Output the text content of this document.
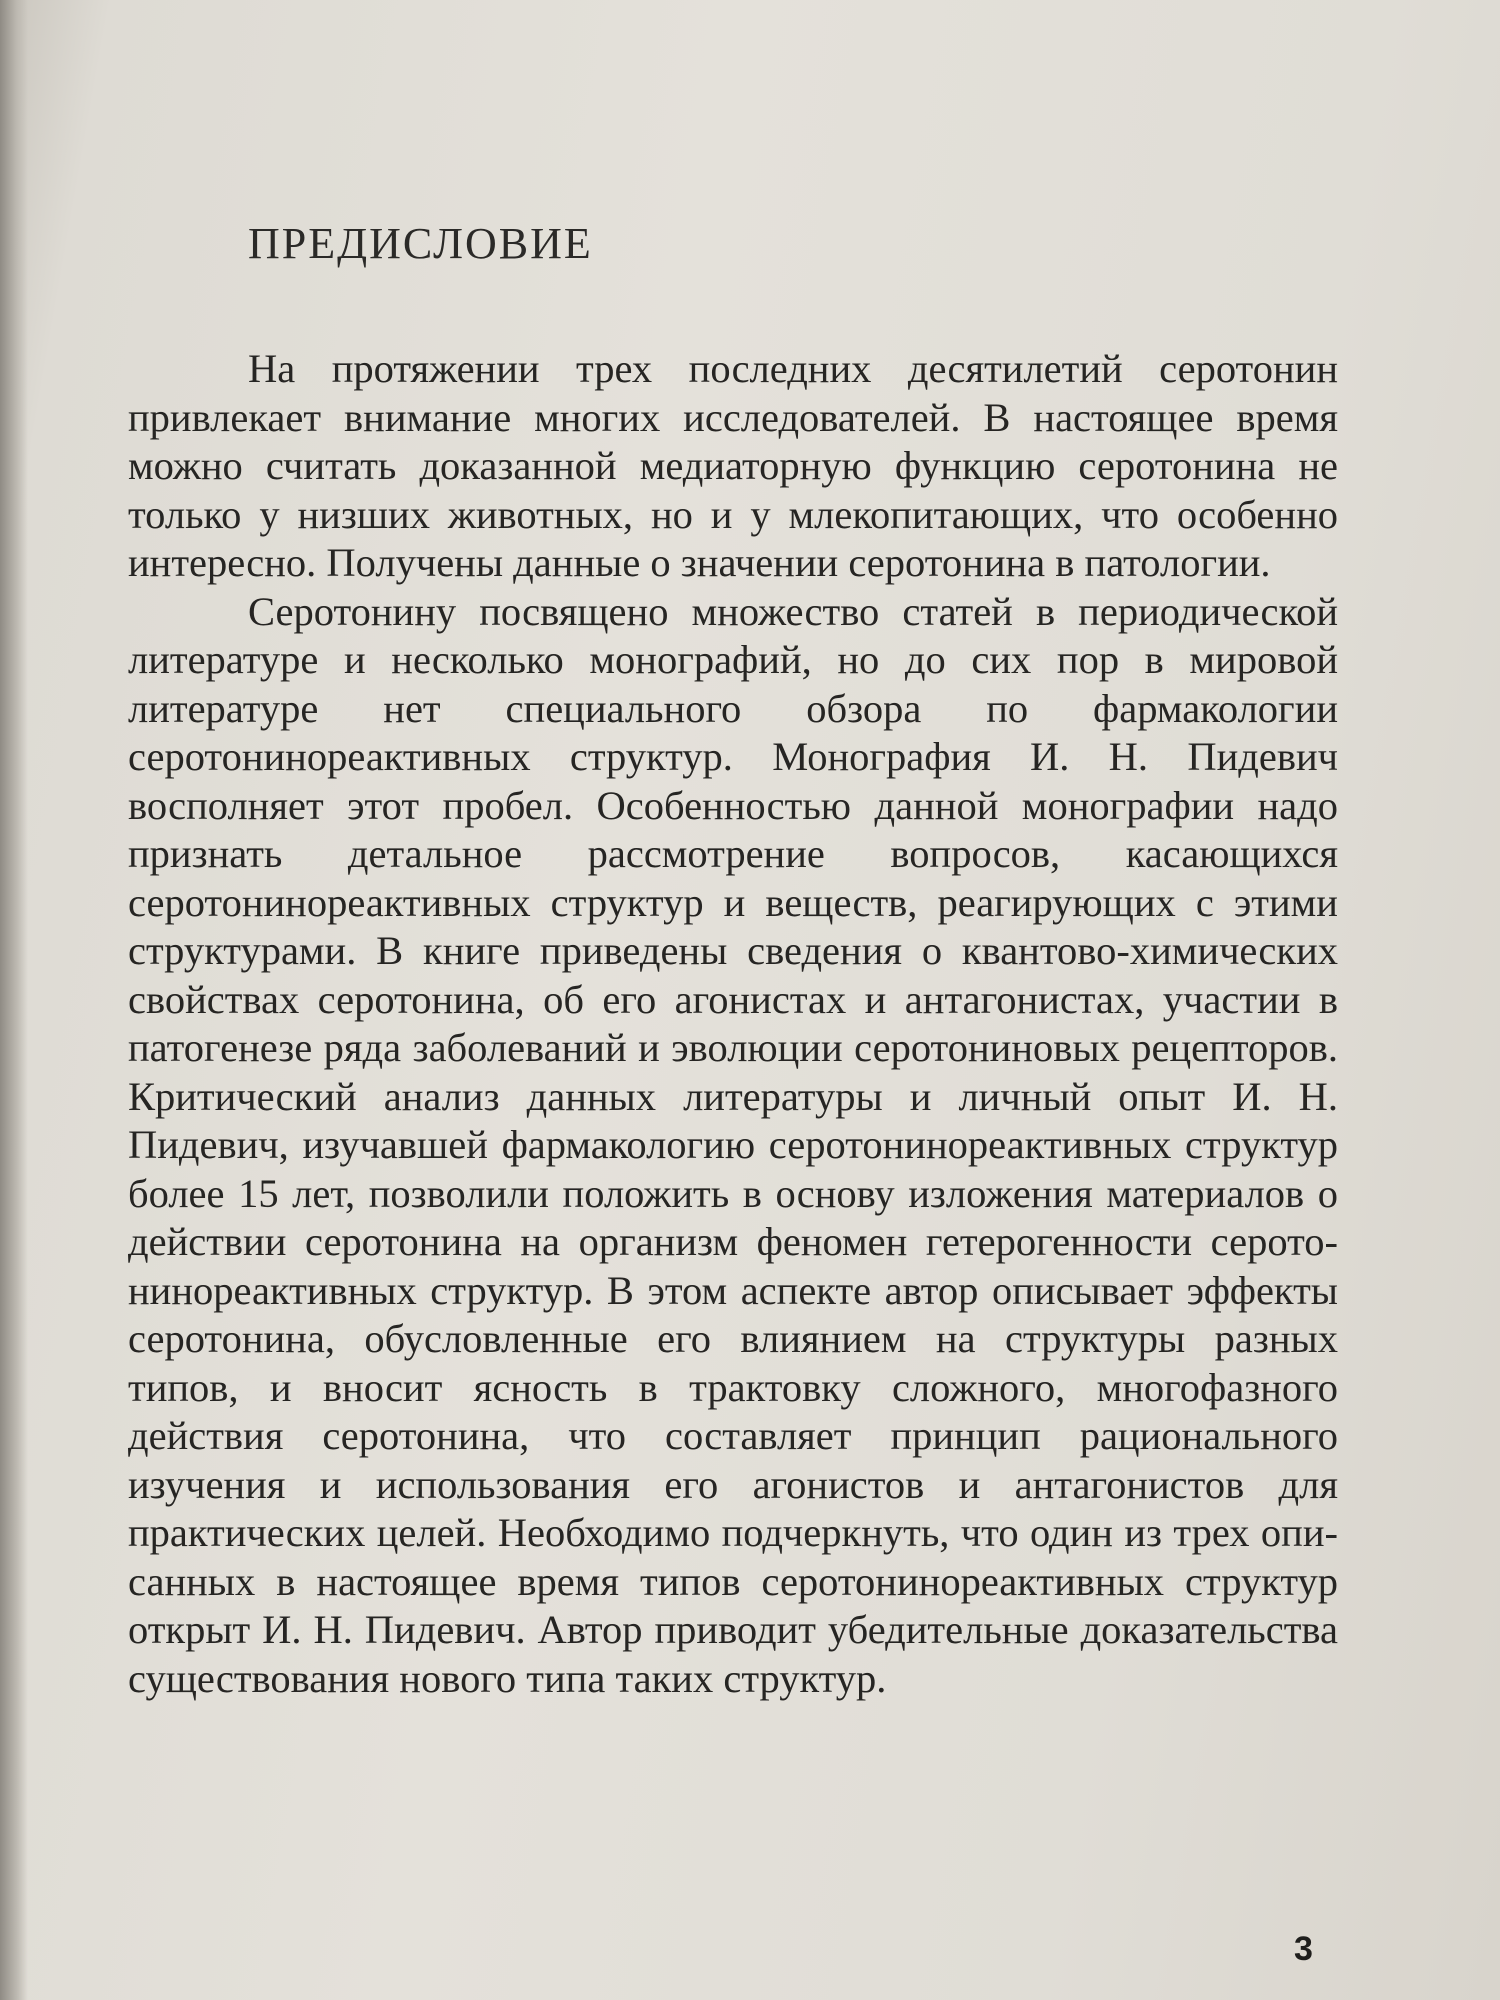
ПРЕДИСЛОВИЕ

На протяжении трех последних десятилетий серотонин привлекает внимание многих исследователей. В настоящее время можно считать доказанной медиаторную функцию серотонина не только у низших животных, но и у млекопитающих, что особенно интересно. Получены данные о значении серотонина в патологии.

Серотонину посвящено множество статей в периодической литературе и несколько монографий, но до сих пор в мировой литературе нет специального обзора по фармакологии серотонинореактивных структур. Монография И. Н. Пидевич восполняет этот пробел. Особенностью данной монографии надо признать детальное рассмотрение вопросов, касающихся серотонинореактивных структур и веществ, реагирующих с этими структурами. В книге приведены сведения о квантово-химических свойствах серотонина, об его агонистах и антагонистах, участии в патогенезе ряда заболеваний и эволюции серотониновых рецепторов. Критический анализ данных литературы и личный опыт И. Н. Пидевич, изучавшей фармакологию серотонинореактивных структур более 15 лет, позволили положить в основу изложения материалов о действии серотонина на организм феномен гетерогенности серотонинореактивных структур. В этом аспекте автор описывает эффекты серотонина, обусловленные его влиянием на структуры разных типов, и вносит ясность в трактовку сложного, многофазного действия серотонина, что составляет принцип рационального изучения и использования его агонистов и антагонистов для практических целей. Необходимо подчеркнуть, что один из трех описанных в настоящее время типов серотонинореактивных структур открыт И. Н. Пидевич. Автор приводит убедительные доказательства существования нового типа таких структур.

3
